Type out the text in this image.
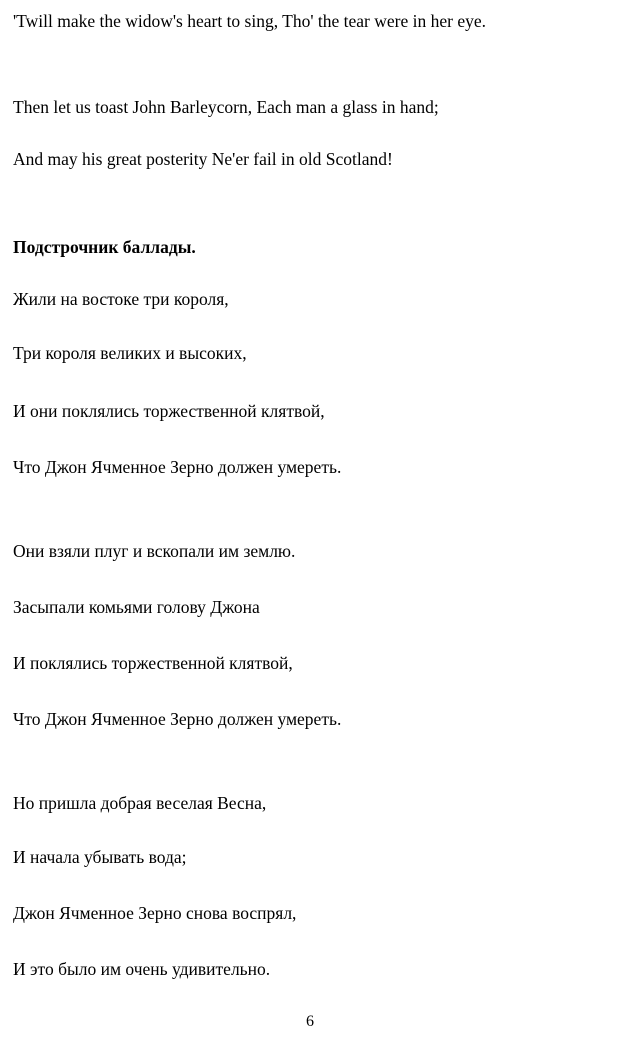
'Twill make the widow's heart to sing, Tho' the tear were in her eye.

Then let us toast John Barleycorn, Each man a glass in hand;

And may his great posterity Ne'er fail in old Scotland!

Подстрочник баллады.

Жили на востоке три короля,

Три короля великих и высоких,

И они поклялись торжественной клятвой,

Что Джон Ячменное Зерно должен умереть.

Они взяли плуг и вскопали им землю.

Засыпали комьями голову Джона

И поклялись торжественной клятвой,

Что Джон Ячменное Зерно должен умереть.

Но пришла добрая веселая Весна,

И начала убывать вода;

Джон Ячменное Зерно снова воспрял,

И это было им очень удивительно.

6
